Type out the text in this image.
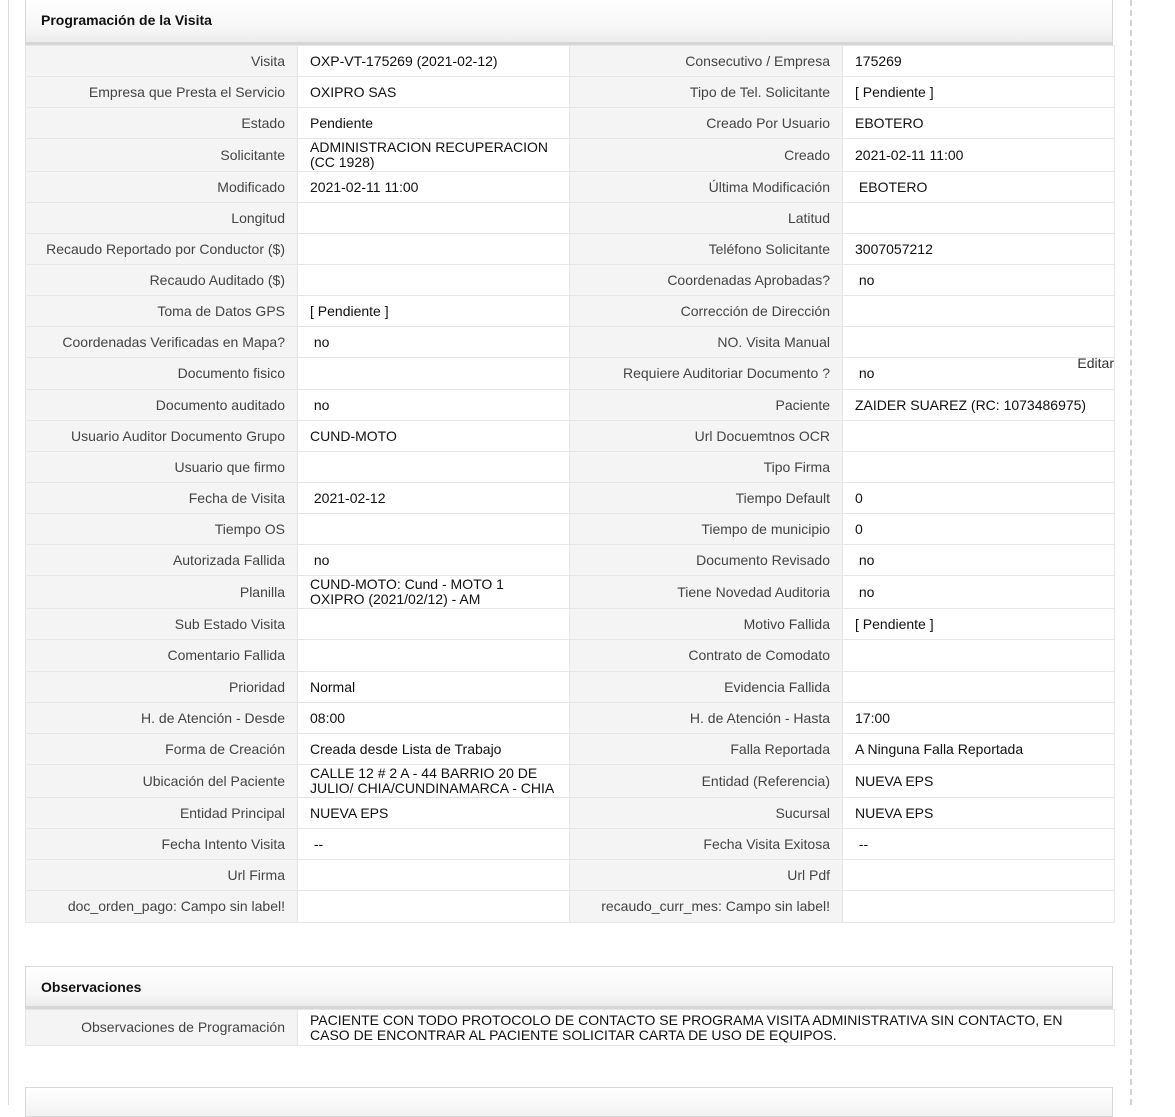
Programación de la Visita
Visita	OXP-VT-175269 (2021-02-12)	Consecutivo / Empresa	175269
Empresa que Presta el Servicio	OXIPRO SAS	Tipo de Tel. Solicitante	[ Pendiente ]
Estado	Pendiente	Creado Por Usuario	EBOTERO
Solicitante	ADMINISTRACION RECUPERACION (CC 1928)	Creado	2021-02-11 11:00
Modificado	2021-02-11 11:00	Última Modificación	EBOTERO
Longitud		Latitud	
Recaudo Reportado por Conductor ($)		Teléfono Solicitante	3007057212
Recaudo Auditado ($)		Coordenadas Aprobadas?	no
Toma de Datos GPS	[ Pendiente ]	Corrección de Dirección	
Coordenadas Verificadas en Mapa?	no	NO. Visita Manual	
Documento fisico		Requiere Auditoriar Documento ?	no
Editar

Documento auditado	no	Paciente	ZAIDER SUAREZ (RC: 1073486975)
Usuario Auditor Documento Grupo	CUND-MOTO	Url Docuemtnos OCR	
Usuario que firmo		Tipo Firma	
Fecha de Visita	2021-02-12	Tiempo Default	0
Tiempo OS		Tiempo de municipio	0
Autorizada Fallida	no	Documento Revisado	no
Planilla	CUND-MOTO: Cund - MOTO 1 OXIPRO (2021/02/12) - AM	Tiene Novedad Auditoria	no
Sub Estado Visita		Motivo Fallida	[ Pendiente ]
Comentario Fallida		Contrato de Comodato	
Prioridad	Normal	Evidencia Fallida	
H. de Atención - Desde	08:00	H. de Atención - Hasta	17:00
Forma de Creación	Creada desde Lista de Trabajo	Falla Reportada	A Ninguna Falla Reportada
Ubicación del Paciente	CALLE 12 # 2 A - 44 BARRIO 20 DE JULIO/ CHIA/CUNDINAMARCA - CHIA	Entidad (Referencia)	NUEVA EPS
Entidad Principal	NUEVA EPS	Sucursal	NUEVA EPS
Fecha Intento Visita	--	Fecha Visita Exitosa	--
Url Firma		Url Pdf	
doc_orden_pago: Campo sin label!		recaudo_curr_mes: Campo sin label!	
Observaciones
Observaciones de Programación	PACIENTE CON TODO PROTOCOLO DE CONTACTO SE PROGRAMA VISITA ADMINISTRATIVA SIN CONTACTO, EN CASO DE ENCONTRAR AL PACIENTE SOLICITAR CARTA DE USO DE EQUIPOS.
